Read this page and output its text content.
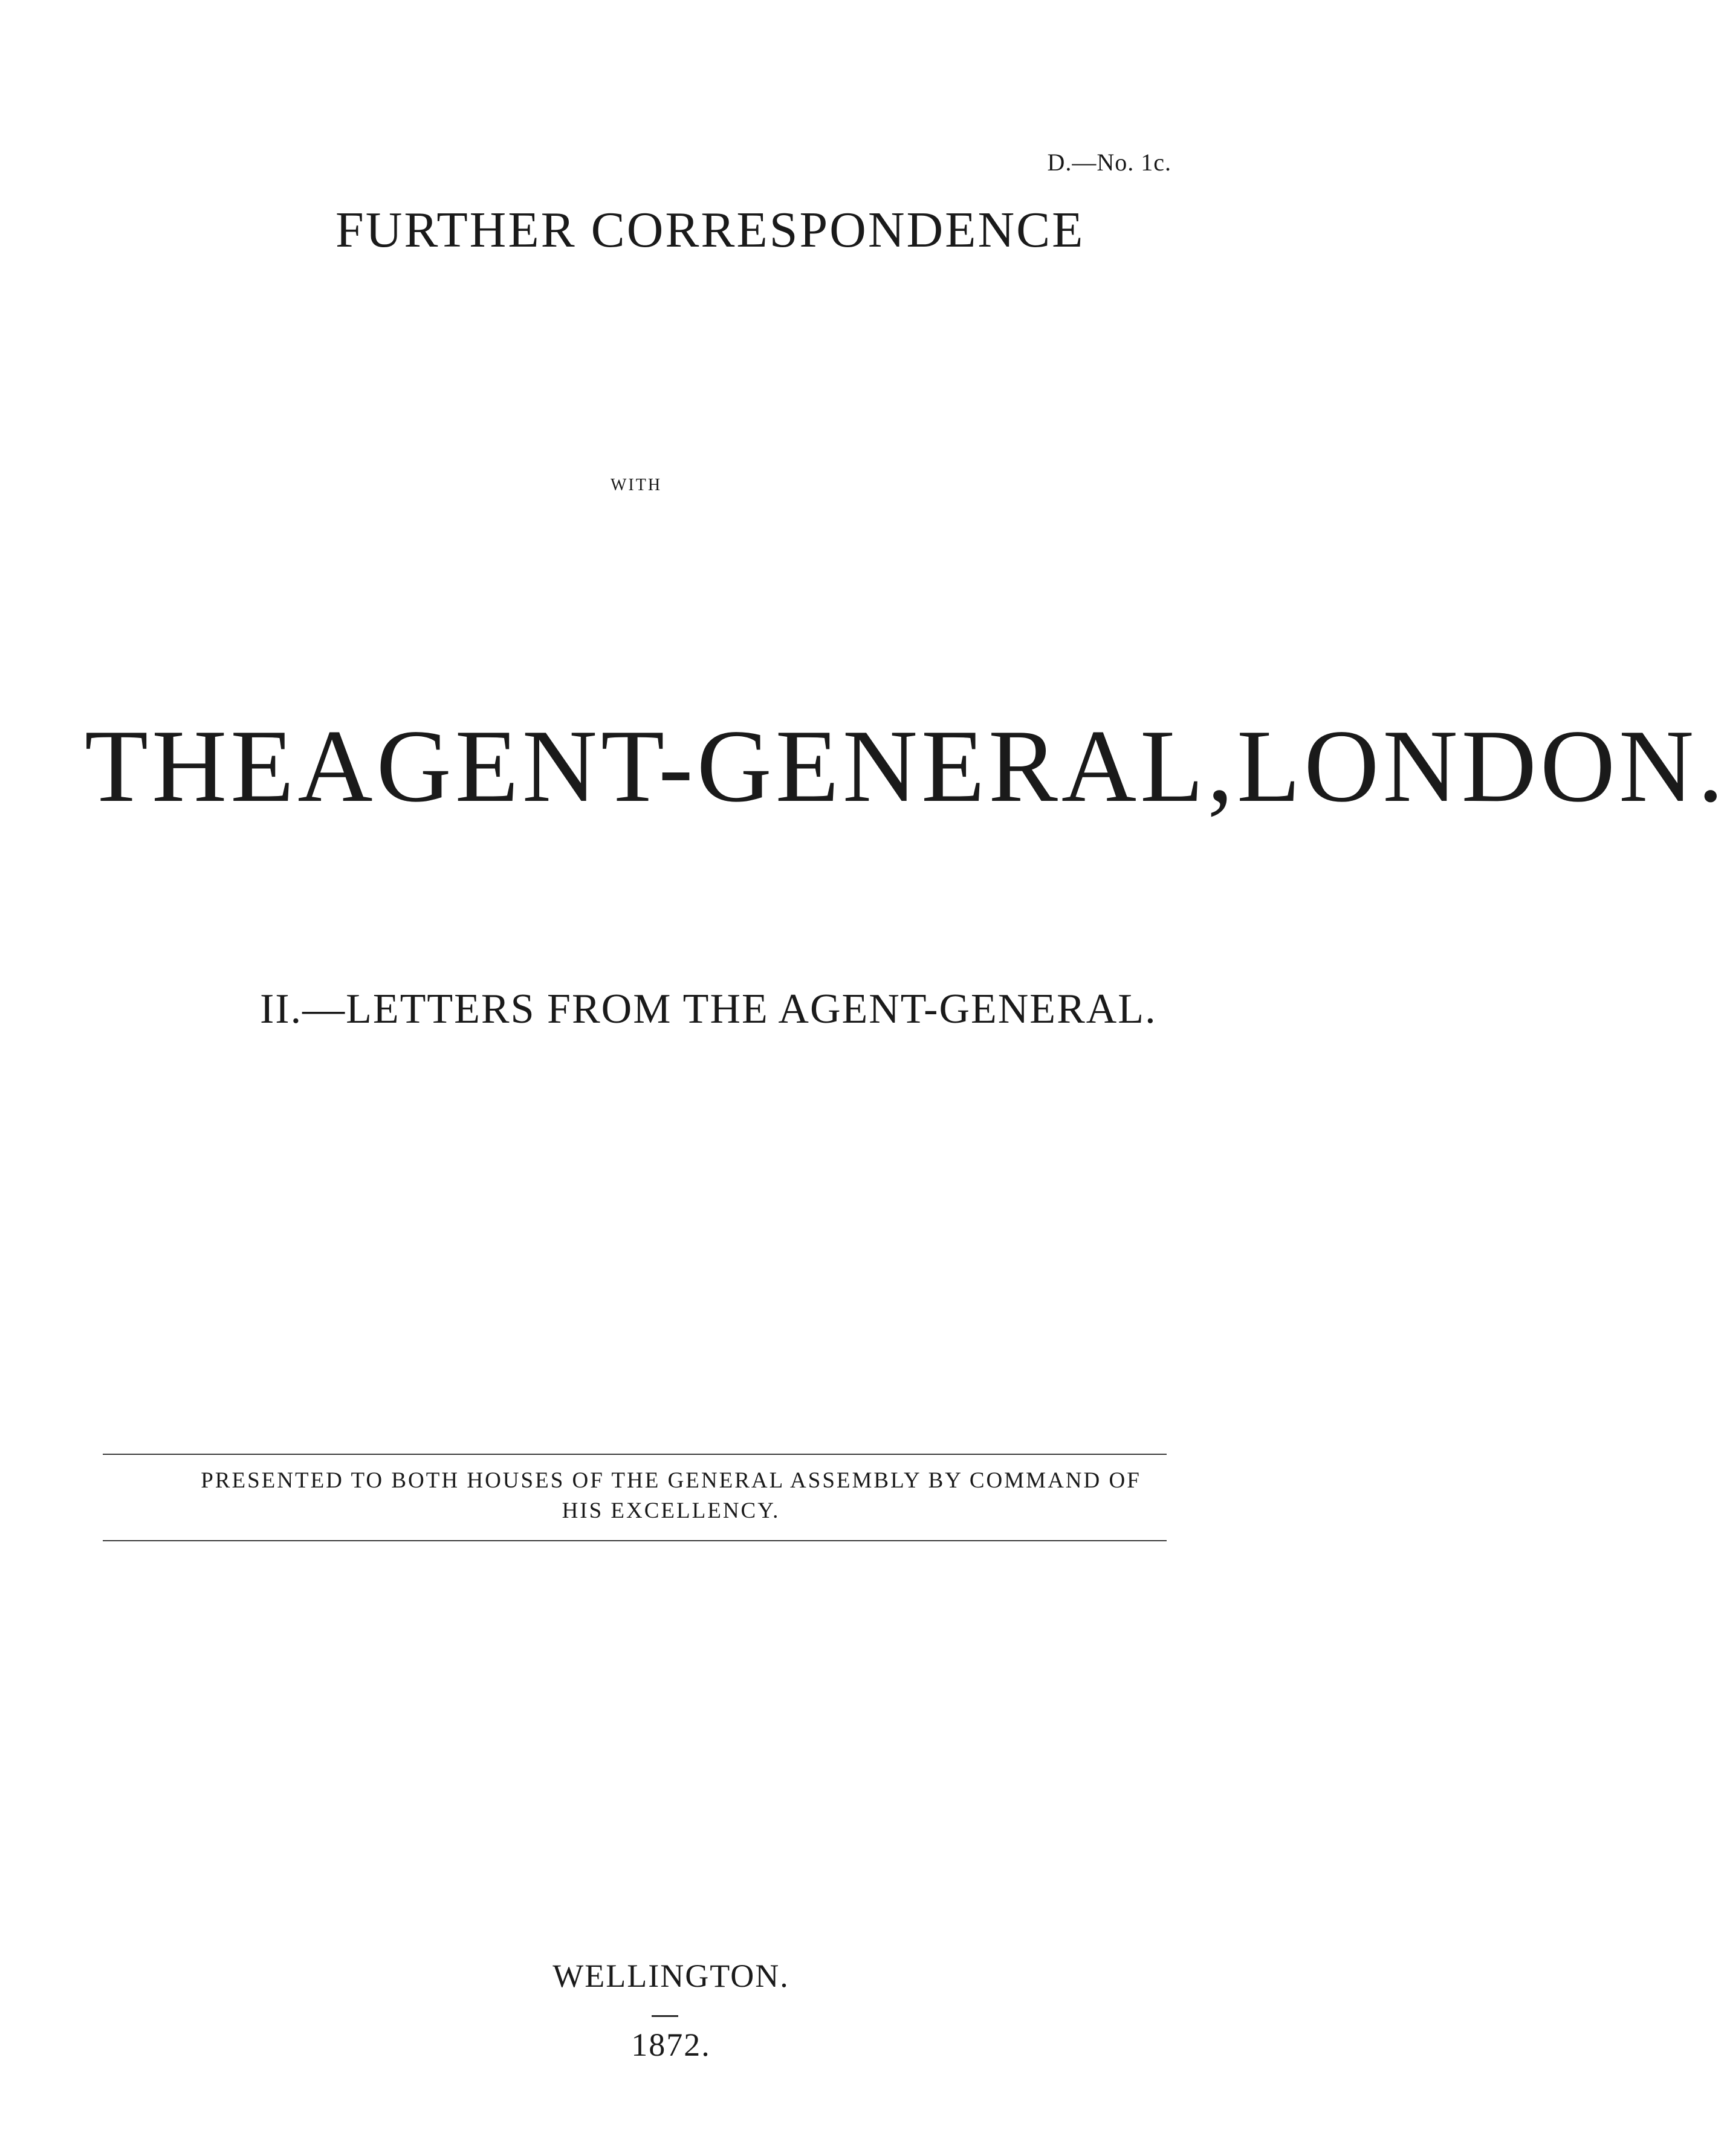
D.—No. 1c.
FURTHER CORRESPONDENCE
WITH
THE AGENT-GENERAL, LONDON.
II.—LETTERS FROM THE AGENT-GENERAL.
PRESENTED TO BOTH HOUSES OF THE GENERAL ASSEMBLY BY COMMAND OF
HIS EXCELLENCY.
WELLINGTON.
1872.
